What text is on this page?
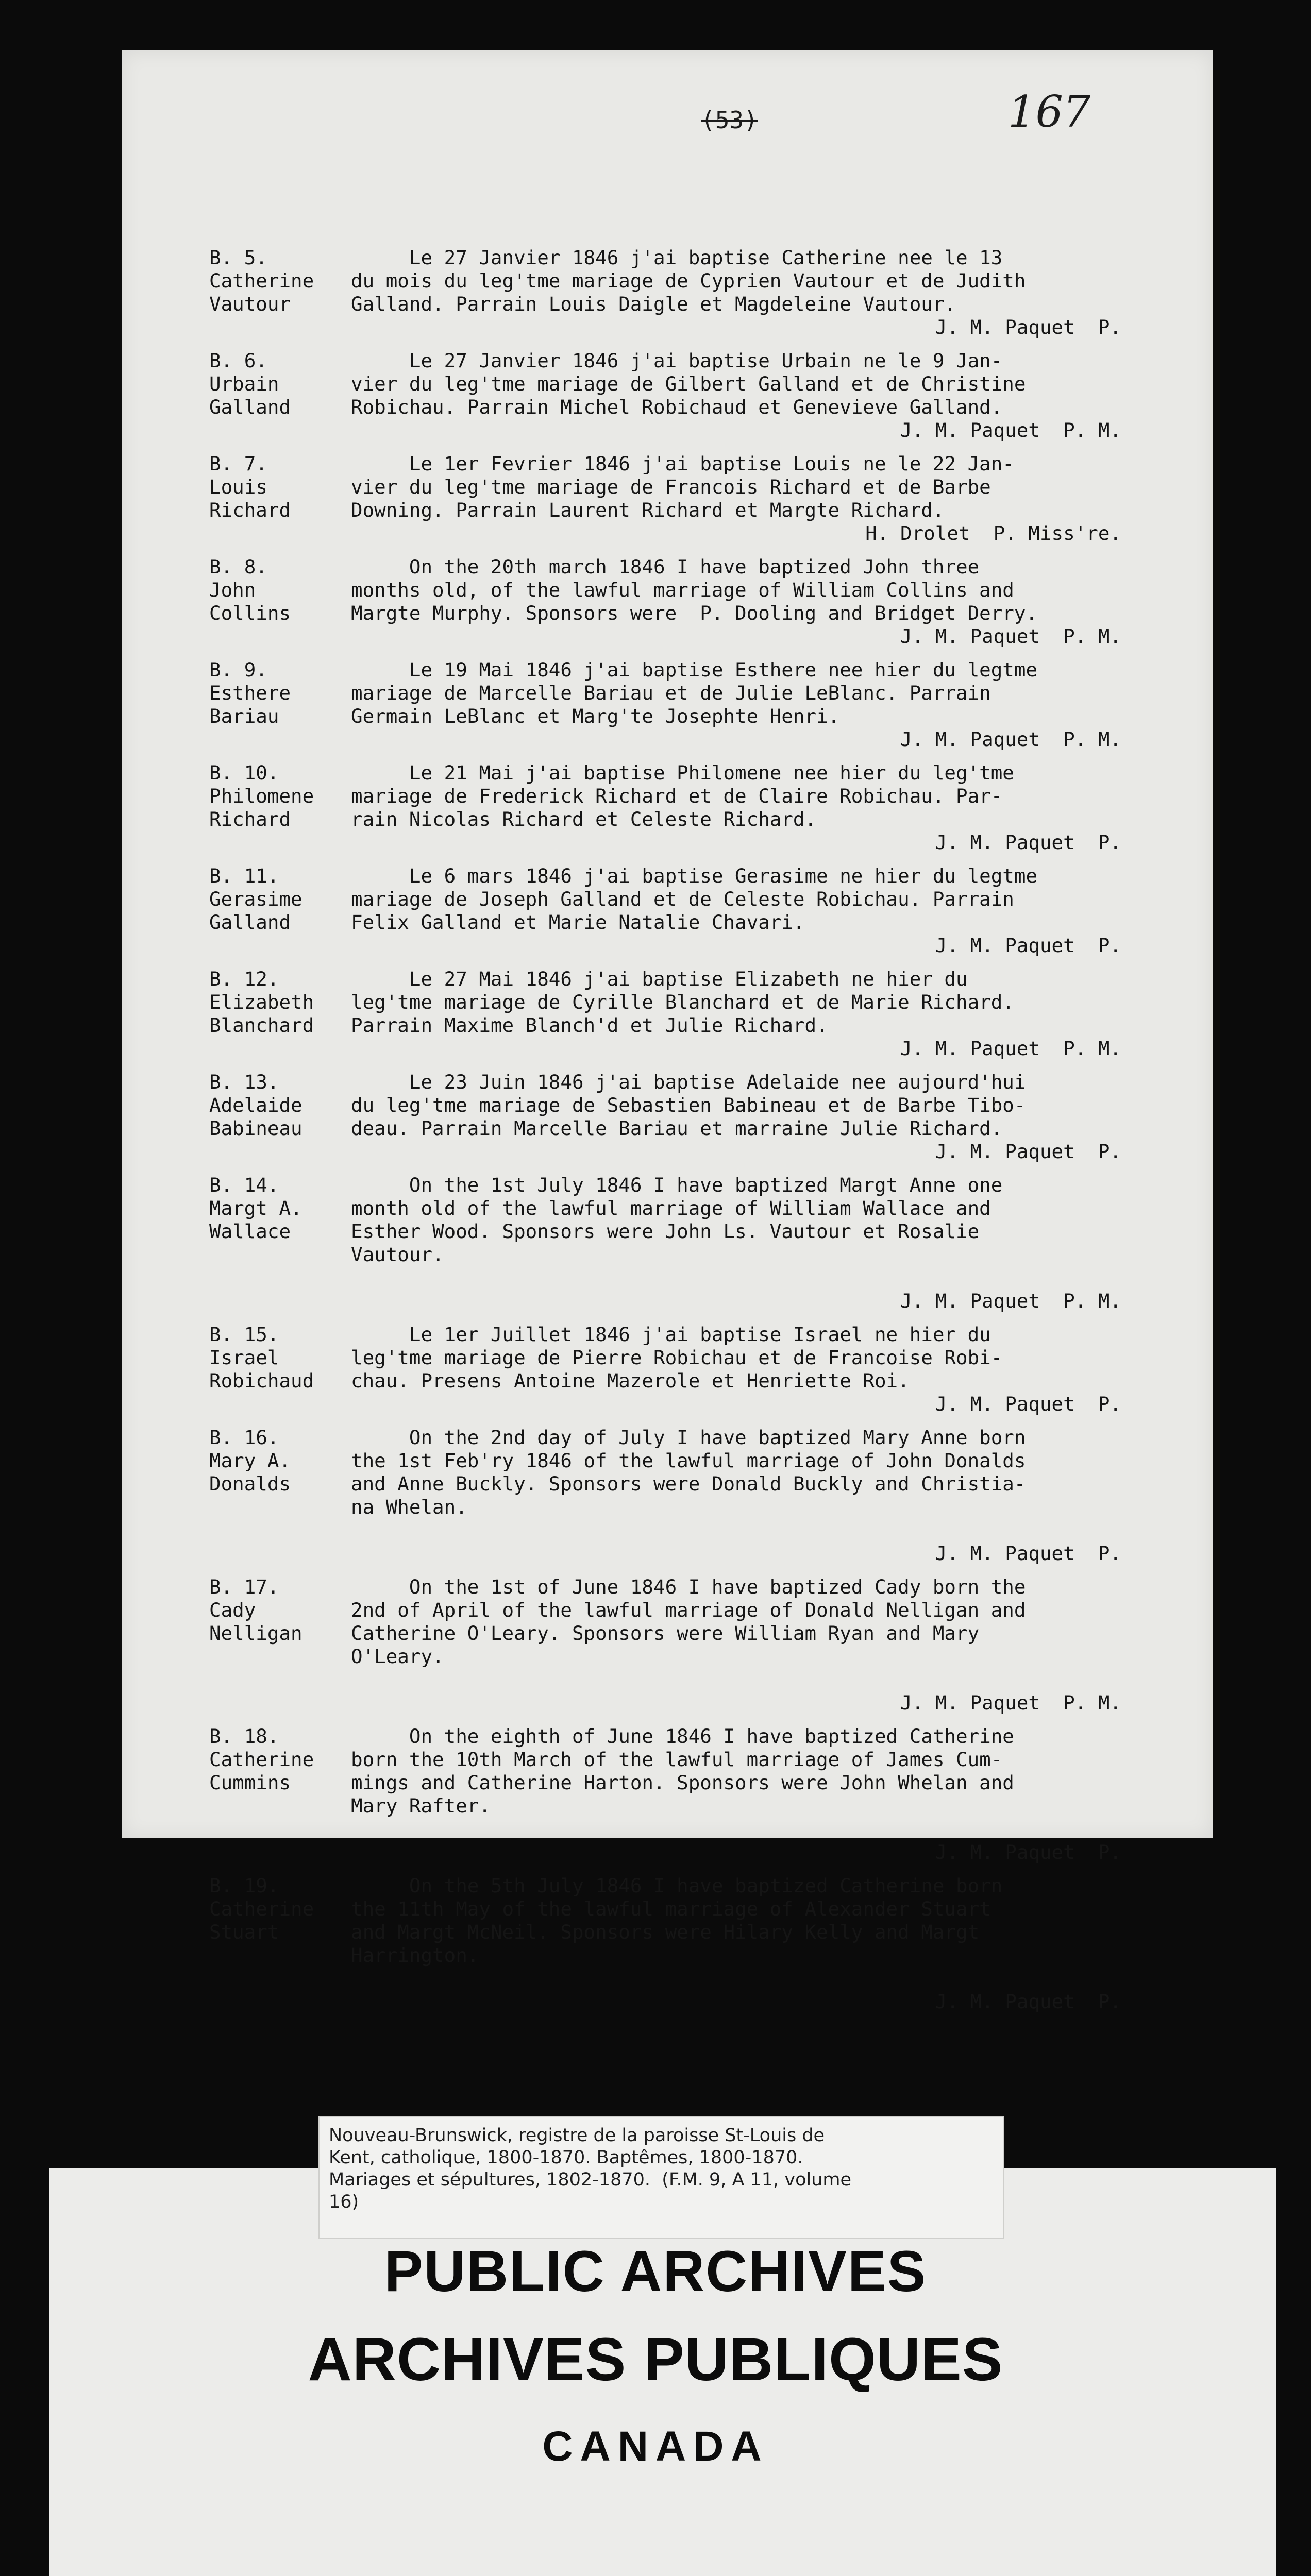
(53)	167
B. 5.
Catherine
Vautour
Le 27 Janvier 1846 j'ai baptise Catherine nee le 13
du mois du leg'tme mariage de Cyprien Vautour et de Judith
Galland. Parrain Louis Daigle et Magdeleine Vautour.
J. M. Paquet  P.
B. 6.
Urbain
Galland
Le 27 Janvier 1846 j'ai baptise Urbain ne le 9 Jan-
vier du leg'tme mariage de Gilbert Galland et de Christine
Robichau. Parrain Michel Robichaud et Genevieve Galland.
J. M. Paquet  P. M.
B. 7.
Louis
Richard
Le 1er Fevrier 1846 j'ai baptise Louis ne le 22 Jan-
vier du leg'tme mariage de Francois Richard et de Barbe
Downing. Parrain Laurent Richard et Margte Richard.
H. Drolet  P. Miss're.
B. 8.
John
Collins
On the 20th march 1846 I have baptized John three
months old, of the lawful marriage of William Collins and
Margte Murphy. Sponsors were  P. Dooling and Bridget Derry.
J. M. Paquet  P. M.
B. 9.
Esthere
Bariau
Le 19 Mai 1846 j'ai baptise Esthere nee hier du legtme
mariage de Marcelle Bariau et de Julie LeBlanc. Parrain
Germain LeBlanc et Marg'te Josephte Henri.
J. M. Paquet  P. M.
B. 10.
Philomene
Richard
Le 21 Mai j'ai baptise Philomene nee hier du leg'tme
mariage de Frederick Richard et de Claire Robichau. Par-
rain Nicolas Richard et Celeste Richard.
J. M. Paquet  P.
B. 11.
Gerasime
Galland
Le 6 mars 1846 j'ai baptise Gerasime ne hier du legtme
mariage de Joseph Galland et de Celeste Robichau. Parrain
Felix Galland et Marie Natalie Chavari.
J. M. Paquet  P.
B. 12.
Elizabeth
Blanchard
Le 27 Mai 1846 j'ai baptise Elizabeth ne hier du
leg'tme mariage de Cyrille Blanchard et de Marie Richard.
Parrain Maxime Blanch'd et Julie Richard.
J. M. Paquet  P. M.
B. 13.
Adelaide
Babineau
Le 23 Juin 1846 j'ai baptise Adelaide nee aujourd'hui
du leg'tme mariage de Sebastien Babineau et de Barbe Tibo-
deau. Parrain Marcelle Bariau et marraine Julie Richard.
J. M. Paquet  P.
B. 14.
Margt A.
Wallace
On the 1st July 1846 I have baptized Margt Anne one
month old of the lawful marriage of William Wallace and
Esther Wood. Sponsors were John Ls. Vautour et Rosalie
Vautour.
J. M. Paquet  P. M.
B. 15.
Israel
Robichaud
Le 1er Juillet 1846 j'ai baptise Israel ne hier du
leg'tme mariage de Pierre Robichau et de Francoise Robi-
chau. Presens Antoine Mazerole et Henriette Roi.
J. M. Paquet  P.
B. 16.
Mary A.
Donalds
On the 2nd day of July I have baptized Mary Anne born
the 1st Feb'ry 1846 of the lawful marriage of John Donalds
and Anne Buckly. Sponsors were Donald Buckly and Christia-
na Whelan.
J. M. Paquet  P.
B. 17.
Cady
Nelligan
On the 1st of June 1846 I have baptized Cady born the
2nd of April of the lawful marriage of Donald Nelligan and
Catherine O'Leary. Sponsors were William Ryan and Mary
O'Leary.
J. M. Paquet  P. M.
B. 18.
Catherine
Cummins
On the eighth of June 1846 I have baptized Catherine
born the 10th March of the lawful marriage of James Cum-
mings and Catherine Harton. Sponsors were John Whelan and
Mary Rafter.
J. M. Paquet  P.
B. 19.
Catherine
Stuart
On the 5th July 1846 I have baptized Catherine born
the 11th May of the lawful marriage of Alexander Stuart
and Margt McNeil. Sponsors were Hilary Kelly and Margt
Harrington.
J. M. Paquet  P.
Nouveau-Brunswick, registre de la paroisse St-Louis de
Kent, catholique, 1800-1870. Baptêmes, 1800-1870.
Mariages et sépultures, 1802-1870.  (F.M. 9, A 11, volume
16)
PUBLIC ARCHIVES
ARCHIVES PUBLIQUES
CANADA
